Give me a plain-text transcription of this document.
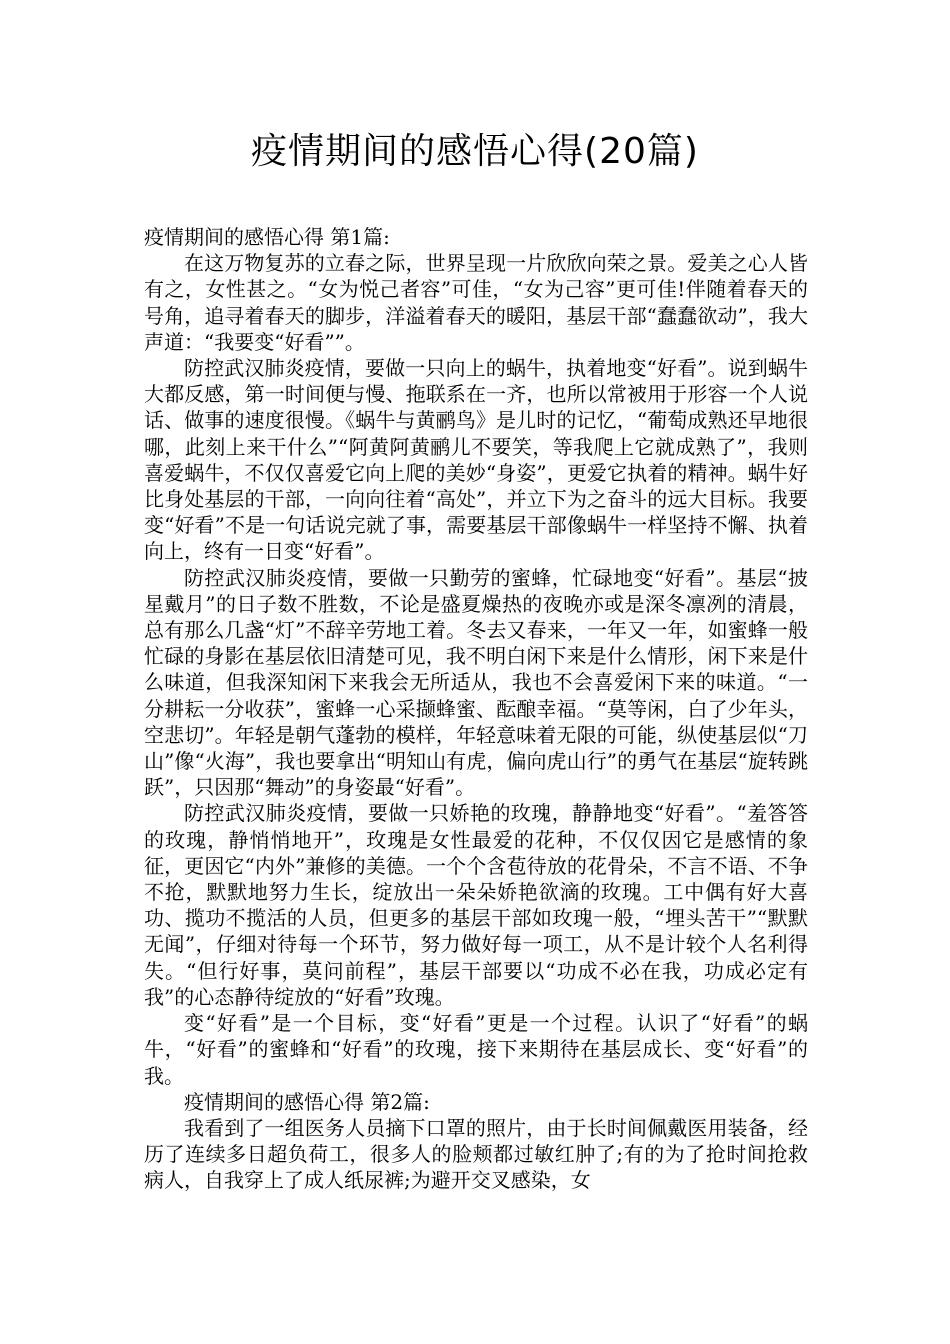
疫情期间的感悟心得(20篇)

疫情期间的感悟心得 第1篇:

在这万物复苏的立春之际，世界呈现一片欣欣向荣之景。爱美之心人皆有之，女性甚之。“女为悦己者容”可佳，“女为己容”更可佳!伴随着春天的号角，追寻着春天的脚步，洋溢着春天的暖阳，基层干部“蠢蠢欲动”，我大声道：“我要变“好看””。

防控武汉肺炎疫情，要做一只向上的蜗牛，执着地变“好看”。说到蜗牛大都反感，第一时间便与慢、拖联系在一齐，也所以常被用于形容一个人说话、做事的速度很慢。《蜗牛与黄鹂鸟》是儿时的记忆，“葡萄成熟还早地很哪，此刻上来干什么”“阿黄阿黄鹂儿不要笑，等我爬上它就成熟了”，我则喜爱蜗牛，不仅仅喜爱它向上爬的美妙“身姿”，更爱它执着的精神。蜗牛好比身处基层的干部，一向向往着“高处”，并立下为之奋斗的远大目标。我要变“好看”不是一句话说完就了事，需要基层干部像蜗牛一样坚持不懈、执着向上，终有一日变“好看”。

防控武汉肺炎疫情，要做一只勤劳的蜜蜂，忙碌地变“好看”。基层“披星戴月”的日子数不胜数，不论是盛夏燥热的夜晚亦或是深冬凛冽的清晨，总有那么几盏“灯”不辞辛劳地工着。冬去又春来，一年又一年，如蜜蜂一般忙碌的身影在基层依旧清楚可见，我不明白闲下来是什么情形，闲下来是什么味道，但我深知闲下来我会无所适从，我也不会喜爱闲下来的味道。“一分耕耘一分收获”，蜜蜂一心采撷蜂蜜、酝酿幸福。“莫等闲，白了少年头，空悲切”。年轻是朝气蓬勃的模样，年轻意味着无限的可能，纵使基层似“刀山”像“火海”，我也要拿出“明知山有虎，偏向虎山行”的勇气在基层“旋转跳跃”，只因那“舞动”的身姿最“好看”。

防控武汉肺炎疫情，要做一只娇艳的玫瑰，静静地变“好看”。“羞答答的玫瑰，静悄悄地开”，玫瑰是女性最爱的花种，不仅仅因它是感情的象征，更因它“内外”兼修的美德。一个个含苞待放的花骨朵，不言不语、不争不抢，默默地努力生长，绽放出一朵朵娇艳欲滴的玫瑰。工中偶有好大喜功、揽功不揽活的人员，但更多的基层干部如玫瑰一般，“埋头苦干”“默默无闻”，仔细对待每一个环节，努力做好每一项工，从不是计较个人名利得失。“但行好事，莫问前程”，基层干部要以“功成不必在我，功成必定有我”的心态静待绽放的“好看”玫瑰。

变“好看”是一个目标，变“好看”更是一个过程。认识了“好看”的蜗牛，“好看”的蜜蜂和“好看”的玫瑰，接下来期待在基层成长、变“好看”的我。

疫情期间的感悟心得 第2篇:

我看到了一组医务人员摘下口罩的照片，由于长时间佩戴医用装备，经历了连续多日超负荷工，很多人的脸颊都过敏红肿了;有的为了抢时间抢救病人，自我穿上了成人纸尿裤;为避开交叉感染，女
